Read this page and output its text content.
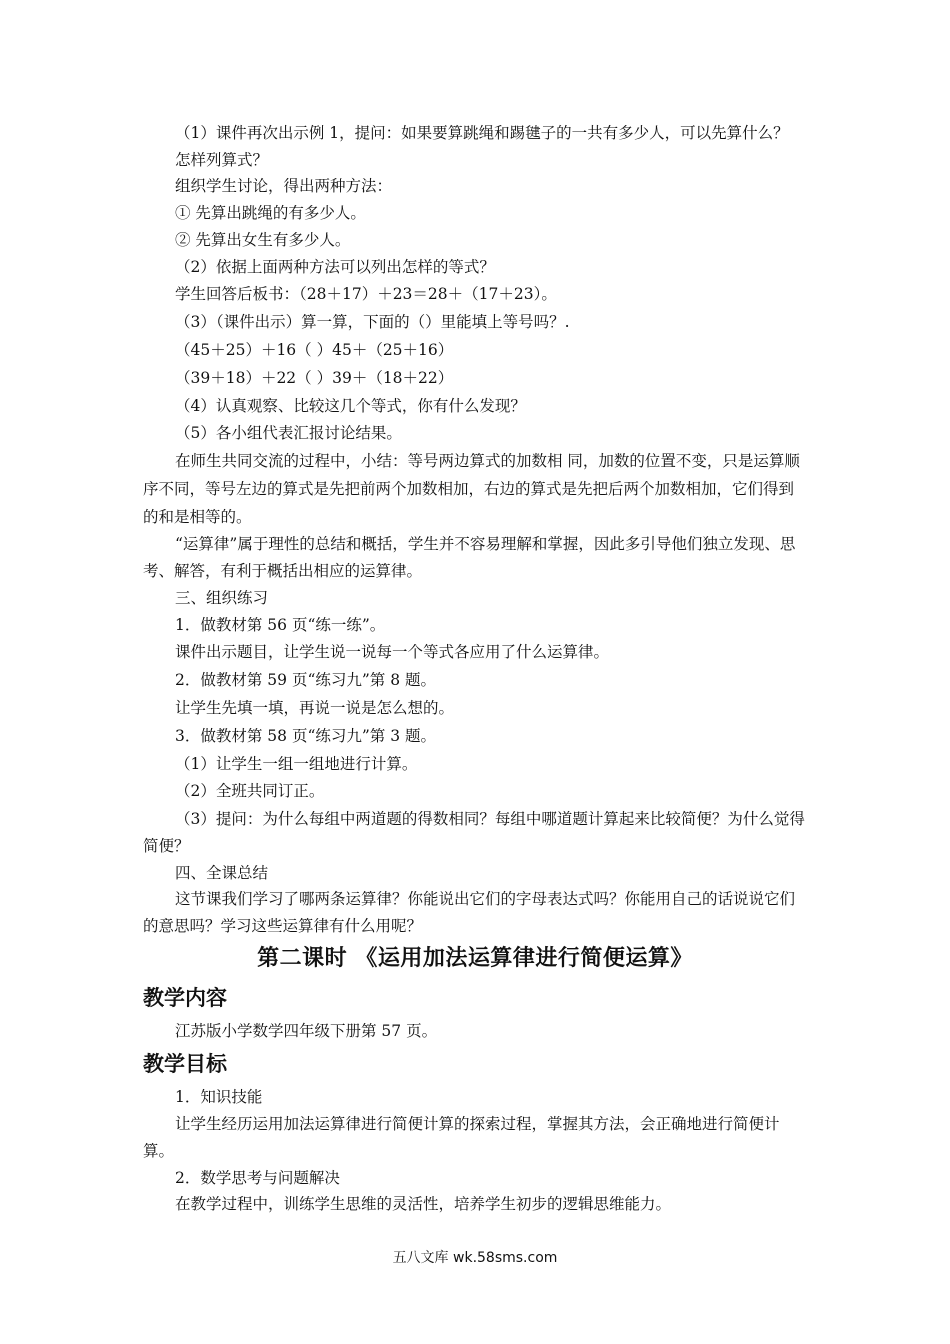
（1）课件再次出示例 1，提问：如果要算跳绳和踢毽子的一共有多少人，可以先算什么？

怎样列算式？

组织学生讨论，得出两种方法：

① 先算出跳绳的有多少人。

② 先算出女生有多少人。

（2）依据上面两种方法可以列出怎样的等式？

学生回答后板书：（28＋17）＋23＝28＋（17＋23）。

（3）（课件出示）算一算，下面的（）里能填上等号吗？.

（45＋25）＋16（ ）45＋（25＋16）

（39＋18）＋22（ ）39＋（18＋22）

（4）认真观察、比较这几个等式，你有什么发现？

（5）各小组代表汇报讨论结果。

在师生共同交流的过程中，小结：等号两边算式的加数相 同，加数的位置不变，只是运算顺序不同，等号左边的算式是先把前两个加数相加，右边的算式是先把后两个加数相加，它们得到的和是相等的。

“运算律”属于理性的总结和概括，学生并不容易理解和掌握，因此多引导他们独立发现、思考、解答，有利于概括出相应的运算律。

三、组织练习

1．做教材第 56 页“练一练”。

课件出示题目，让学生说一说每一个等式各应用了什么运算律。

2．做教材第 59 页“练习九”第 8 题。

让学生先填一填，再说一说是怎么想的。

3．做教材第 58 页“练习九”第 3 题。

（1）让学生一组一组地进行计算。

（2）全班共同订正。

（3）提问：为什么每组中两道题的得数相同？每组中哪道题计算起来比较简便？为什么觉得简便？

四、全课总结

这节课我们学习了哪两条运算律？你能说出它们的字母表达式吗？你能用自己的话说说它们的意思吗？学习这些运算律有什么用呢？

第二课时 《运用加法运算律进行简便运算》
教学内容

江苏版小学数学四年级下册第 57 页。

教学目标

1．知识技能

让学生经历运用加法运算律进行简便计算的探索过程，掌握其方法，会正确地进行简便计算。

2．数学思考与问题解决

在教学过程中，训练学生思维的灵活性，培养学生初步的逻辑思维能力。

五八文库 wk.58sms.com
